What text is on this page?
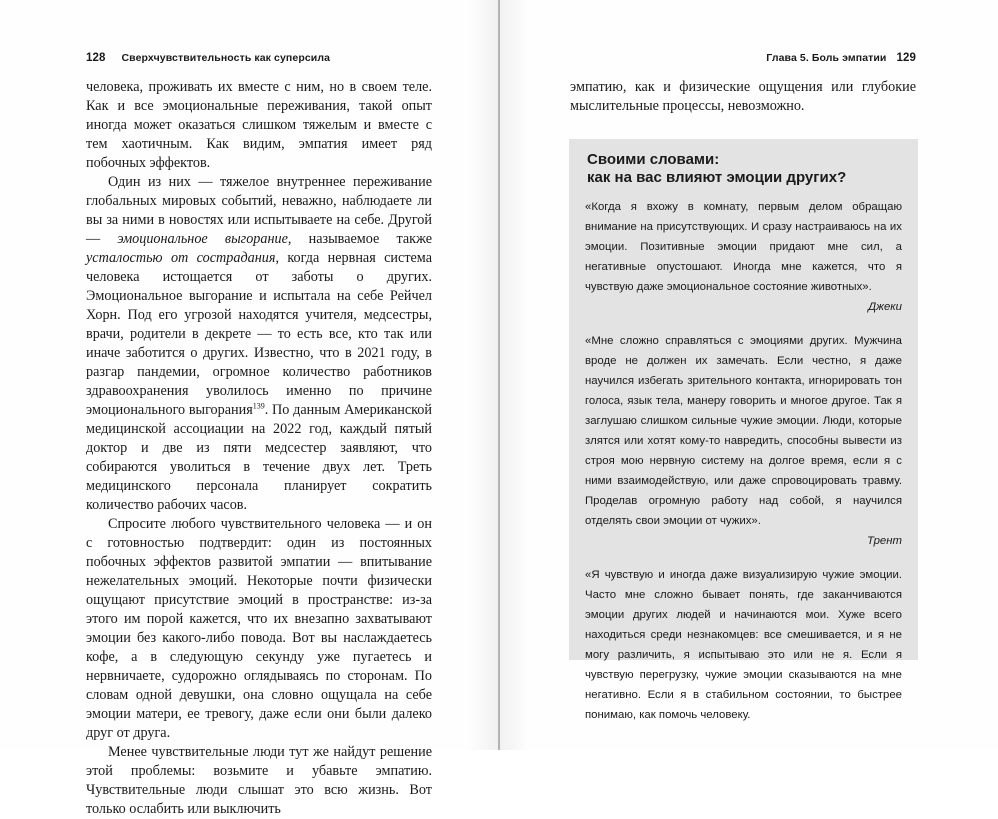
128 Сверхчувствительность как суперсила

человека, проживать их вместе с ним, но в своем теле. Как и все эмоциональные переживания, такой опыт иногда может оказаться слишком тяжелым и вместе с тем хаотичным. Как видим, эмпатия имеет ряд побочных эффектов.

Один из них — тяжелое внутреннее переживание глобальных мировых событий, неважно, наблюдаете ли вы за ними в новостях или испытываете на себе. Другой — эмоциональное выгорание, называемое также усталостью от сострадания, когда нервная система человека истощается от заботы о других. Эмоциональное выгорание и испытала на себе Рейчел Хорн. Под его угрозой находятся учителя, медсестры, врачи, родители в декрете — то есть все, кто так или иначе заботится о других. Известно, что в 2021 году, в разгар пандемии, огромное количество работников здравоохранения уволилось именно по причине эмоционального выгорания$^{139}$. По данным Американской медицинской ассоциации на 2022 год, каждый пятый доктор и две из пяти медсестер заявляют, что собираются уволиться в течение двух лет. Треть медицинского персонала планирует сократить количество рабочих часов.

Спросите любого чувствительного человека — и он с готовностью подтвердит: один из постоянных побочных эффектов развитой эмпатии — впитывание нежелательных эмоций. Некоторые почти физически ощущают присутствие эмоций в пространстве: из-за этого им порой кажется, что их внезапно захватывают эмоции без какого-либо повода. Вот вы наслаждаетесь кофе, а в следующую секунду уже пугаетесь и нервничаете, судорожно оглядываясь по сторонам. По словам одной девушки, она словно ощущала на себе эмоции матери, ее тревогу, даже если они были далеко друг от друга.

Менее чувствительные люди тут же найдут решение этой проблемы: возьмите и убавьте эмпатию. Чувствительные люди слышат это всю жизнь. Вот только ослабить или выключить

Глава 5. Боль эмпатии 129

эмпатию, как и физические ощущения или глубокие мыслительные процессы, невозможно.

Своими словами:
как на вас влияют эмоции других?

«Когда я вхожу в комнату, первым делом обращаю внимание на присутствующих. И сразу настраиваюсь на их эмоции. Позитивные эмоции придают мне сил, а негативные опустошают. Иногда мне кажется, что я чувствую даже эмоциональное состояние животных».

Джеки

«Мне сложно справляться с эмоциями других. Мужчина вроде не должен их замечать. Если честно, я даже научился избегать зрительного контакта, игнорировать тон голоса, язык тела, манеру говорить и многое другое. Так я заглушаю слишком сильные чужие эмоции. Люди, которые злятся или хотят кому-то навредить, способны вывести из строя мою нервную систему на долгое время, если я с ними взаимодействую, или даже спровоцировать травму. Проделав огромную работу над собой, я научился отделять свои эмоции от чужих».

Трент

«Я чувствую и иногда даже визуализирую чужие эмоции. Часто мне сложно бывает понять, где заканчиваются эмоции других людей и начинаются мои. Хуже всего находиться среди незнакомцев: все смешивается, и я не могу различить, я испытываю это или не я. Если я чувствую перегрузку, чужие эмоции сказываются на мне негативно. Если я в стабильном состоянии, то быстрее понимаю, как помочь человеку.
